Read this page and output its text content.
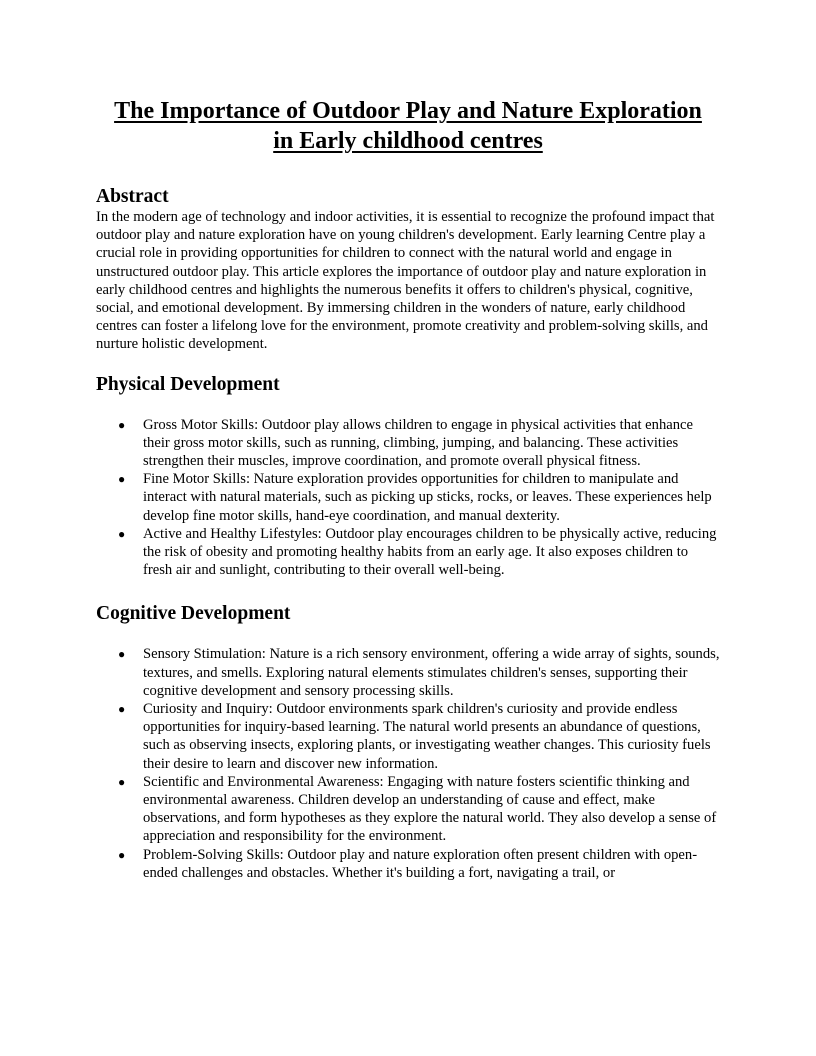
The Importance of Outdoor Play and Nature Exploration
in Early childhood centres
Abstract

In the modern age of technology and indoor activities, it is essential to recognize the profound impact that outdoor play and nature exploration have on young children's development. Early learning Centre play a crucial role in providing opportunities for children to connect with the natural world and engage in unstructured outdoor play. This article explores the importance of outdoor play and nature exploration in early childhood centres and highlights the numerous benefits it offers to children's physical, cognitive, social, and emotional development. By immersing children in the wonders of nature, early childhood centres can foster a lifelong love for the environment, promote creativity and problem-solving skills, and nurture holistic development.

Physical Development
● Gross Motor Skills: Outdoor play allows children to engage in physical activities that enhance their gross motor skills, such as running, climbing, jumping, and balancing. These activities strengthen their muscles, improve coordination, and promote overall physical fitness.
● Fine Motor Skills: Nature exploration provides opportunities for children to manipulate and interact with natural materials, such as picking up sticks, rocks, or leaves. These experiences help develop fine motor skills, hand-eye coordination, and manual dexterity.
● Active and Healthy Lifestyles: Outdoor play encourages children to be physically active, reducing the risk of obesity and promoting healthy habits from an early age. It also exposes children to fresh air and sunlight, contributing to their overall well-being.
Cognitive Development
● Sensory Stimulation: Nature is a rich sensory environment, offering a wide array of sights, sounds, textures, and smells. Exploring natural elements stimulates children's senses, supporting their cognitive development and sensory processing skills.
● Curiosity and Inquiry: Outdoor environments spark children's curiosity and provide endless opportunities for inquiry-based learning. The natural world presents an abundance of questions, such as observing insects, exploring plants, or investigating weather changes. This curiosity fuels their desire to learn and discover new information.
● Scientific and Environmental Awareness: Engaging with nature fosters scientific thinking and environmental awareness. Children develop an understanding of cause and effect, make observations, and form hypotheses as they explore the natural world. They also develop a sense of appreciation and responsibility for the environment.
● Problem-Solving Skills: Outdoor play and nature exploration often present children with open-ended challenges and obstacles. Whether it's building a fort, navigating a trail, or
